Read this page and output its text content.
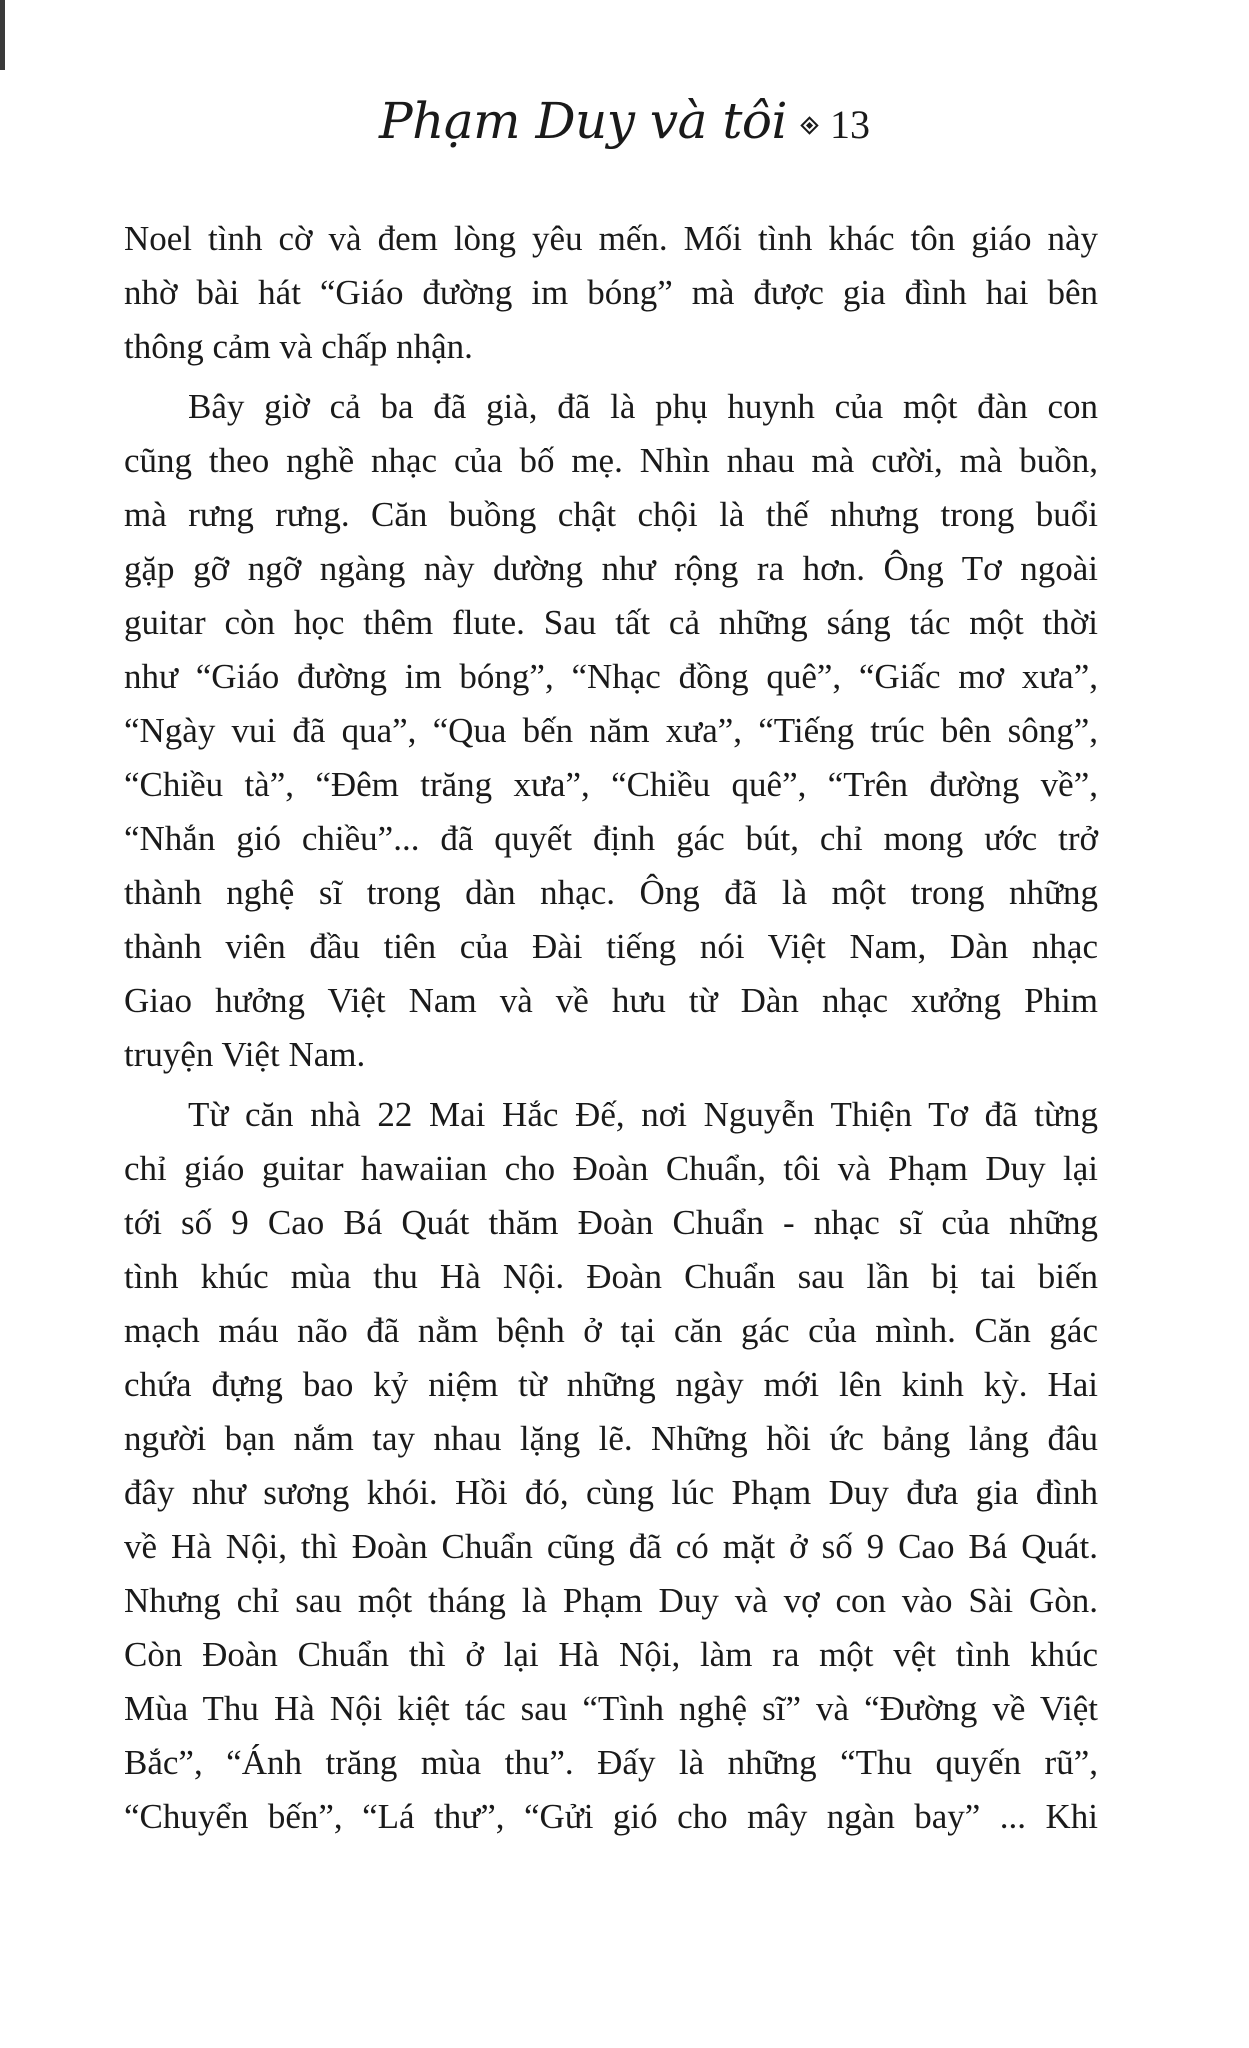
Phạm Duy và tôi 13
Noel tình cờ và đem lòng yêu mến. Mối tình khác tôn giáo này
nhờ bài hát “Giáo đường im bóng” mà được gia đình hai bên
thông cảm và chấp nhận.
Bây giờ cả ba đã già, đã là phụ huynh của một đàn con
cũng theo nghề nhạc của bố mẹ. Nhìn nhau mà cười, mà buồn,
mà rưng rưng. Căn buồng chật chội là thế nhưng trong buổi
gặp gỡ ngỡ ngàng này dường như rộng ra hơn. Ông Tơ ngoài
guitar còn học thêm flute. Sau tất cả những sáng tác một thời
như “Giáo đường im bóng”, “Nhạc đồng quê”, “Giấc mơ xưa”,
“Ngày vui đã qua”, “Qua bến năm xưa”, “Tiếng trúc bên sông”,
“Chiều tà”, “Đêm trăng xưa”, “Chiều quê”, “Trên đường về”,
“Nhắn gió chiều”... đã quyết định gác bút, chỉ mong ước trở
thành nghệ sĩ trong dàn nhạc. Ông đã là một trong những
thành viên đầu tiên của Đài tiếng nói Việt Nam, Dàn nhạc
Giao hưởng Việt Nam và về hưu từ Dàn nhạc xưởng Phim
truyện Việt Nam.
Từ căn nhà 22 Mai Hắc Đế, nơi Nguyễn Thiện Tơ đã từng
chỉ giáo guitar hawaiian cho Đoàn Chuẩn, tôi và Phạm Duy lại
tới số 9 Cao Bá Quát thăm Đoàn Chuẩn - nhạc sĩ của những
tình khúc mùa thu Hà Nội. Đoàn Chuẩn sau lần bị tai biến
mạch máu não đã nằm bệnh ở tại căn gác của mình. Căn gác
chứa đựng bao kỷ niệm từ những ngày mới lên kinh kỳ. Hai
người bạn nắm tay nhau lặng lẽ. Những hồi ức bảng lảng đâu
đây như sương khói. Hồi đó, cùng lúc Phạm Duy đưa gia đình
về Hà Nội, thì Đoàn Chuẩn cũng đã có mặt ở số 9 Cao Bá Quát.
Nhưng chỉ sau một tháng là Phạm Duy và vợ con vào Sài Gòn.
Còn Đoàn Chuẩn thì ở lại Hà Nội, làm ra một vệt tình khúc
Mùa Thu Hà Nội kiệt tác sau “Tình nghệ sĩ” và “Đường về Việt
Bắc”, “Ánh trăng mùa thu”. Đấy là những “Thu quyến rũ”,
“Chuyển bến”, “Lá thư”, “Gửi gió cho mây ngàn bay” ... Khi
